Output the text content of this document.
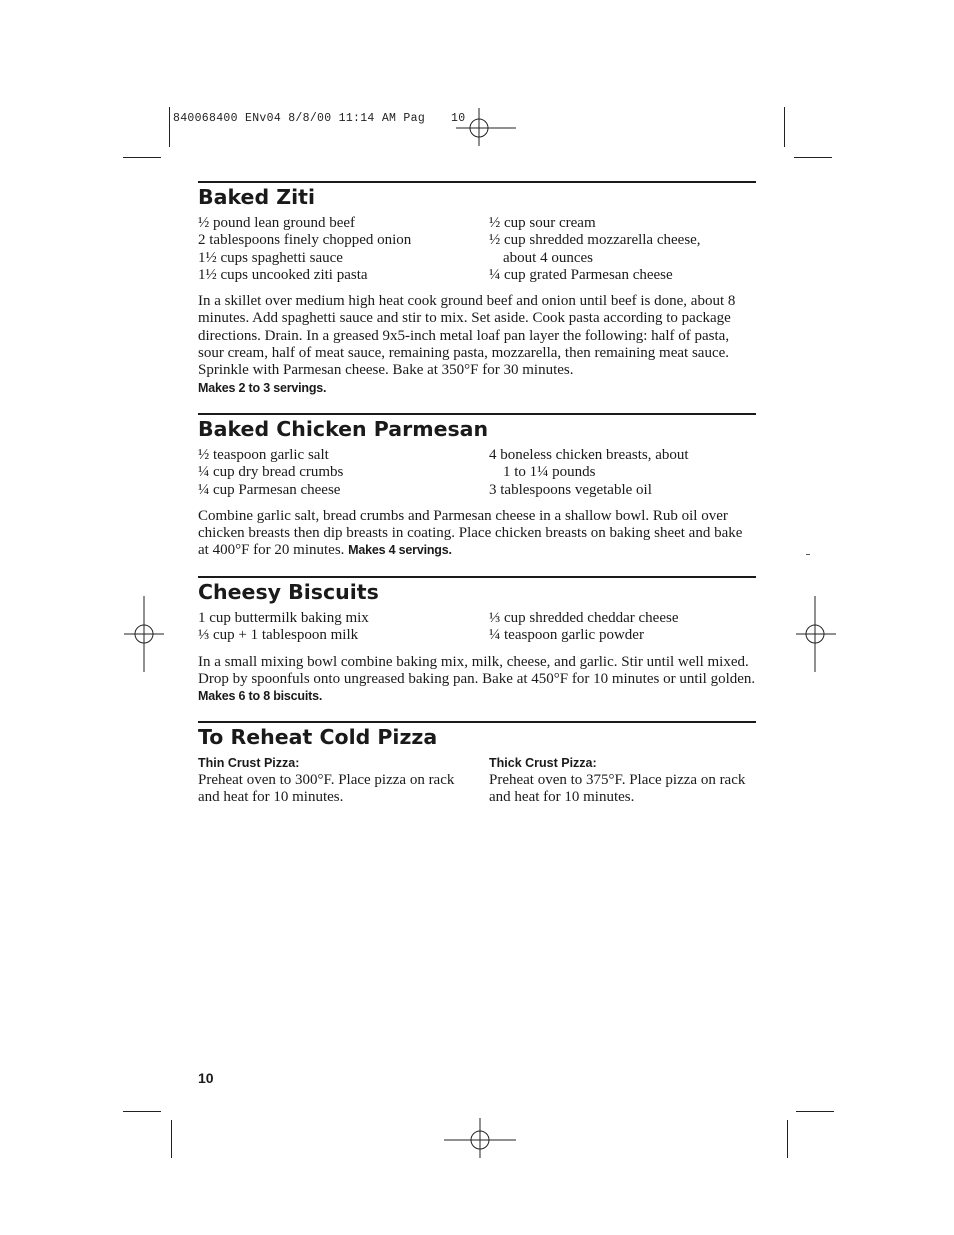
840068400 ENv04 8/8/00 11:14 AM Pag 10
Baked Ziti
½ pound lean ground beef
2 tablespoons finely chopped onion
1½ cups spaghetti sauce
1½ cups uncooked ziti pasta
½ cup sour cream
½ cup shredded mozzarella cheese,
about 4 ounces
¼ cup grated Parmesan cheese
In a skillet over medium high heat cook ground beef and onion until beef is done, about 8 minutes. Add spaghetti sauce and stir to mix. Set aside. Cook pasta according to package directions. Drain. In a greased 9x5-inch metal loaf pan layer the following: half of pasta, sour cream, half of meat sauce, remaining pasta, mozzarella, then remaining meat sauce. Sprinkle with Parmesan cheese. Bake at 350°F for 30 minutes.
Makes 2 to 3 servings.
Baked Chicken Parmesan
½ teaspoon garlic salt
¼ cup dry bread crumbs
¼ cup Parmesan cheese
4 boneless chicken breasts, about
1 to 1¼ pounds
3 tablespoons vegetable oil
Combine garlic salt, bread crumbs and Parmesan cheese in a shallow bowl. Rub oil over chicken breasts then dip breasts in coating. Place chicken breasts on baking sheet and bake at 400°F for 20 minutes. Makes 4 servings.
Cheesy Biscuits
1 cup buttermilk baking mix
⅓ cup + 1 tablespoon milk
⅓ cup shredded cheddar cheese
¼ teaspoon garlic powder
In a small mixing bowl combine baking mix, milk, cheese, and garlic. Stir until well mixed. Drop by spoonfuls onto ungreased baking pan. Bake at 450°F for 10 minutes or until golden. Makes 6 to 8 biscuits.
To Reheat Cold Pizza
Thin Crust Pizza:
Preheat oven to 300°F. Place pizza on rack and heat for 10 minutes.
Thick Crust Pizza:
Preheat oven to 375°F. Place pizza on rack and heat for 10 minutes.
10
